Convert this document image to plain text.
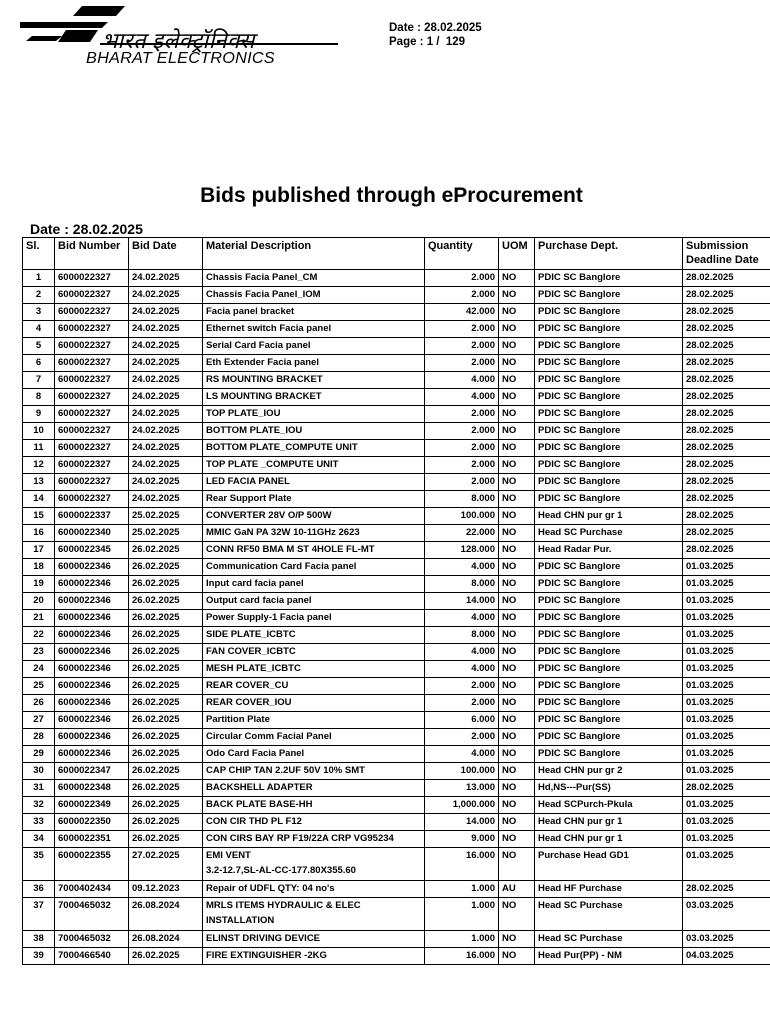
भारत इलेक्ट्रॉनिक्स
BHARAT ELECTRONICS
Date : 28.02.2025
Page : 1 /  129
Bids published through eProcurement
Date : 28.02.2025
Sl.	Bid Number	Bid Date	Material Description	Quantity	UOM	Purchase Dept.	Submission Deadline Date
1	6000022327	24.02.2025	Chassis Facia Panel_CM	2.000	NO	PDIC SC Banglore	28.02.2025
2	6000022327	24.02.2025	Chassis Facia Panel_IOM	2.000	NO	PDIC SC Banglore	28.02.2025
3	6000022327	24.02.2025	Facia panel bracket	42.000	NO	PDIC SC Banglore	28.02.2025
4	6000022327	24.02.2025	Ethernet switch Facia panel	2.000	NO	PDIC SC Banglore	28.02.2025
5	6000022327	24.02.2025	Serial Card Facia panel	2.000	NO	PDIC SC Banglore	28.02.2025
6	6000022327	24.02.2025	Eth Extender Facia panel	2.000	NO	PDIC SC Banglore	28.02.2025
7	6000022327	24.02.2025	RS MOUNTING BRACKET	4.000	NO	PDIC SC Banglore	28.02.2025
8	6000022327	24.02.2025	LS MOUNTING BRACKET	4.000	NO	PDIC SC Banglore	28.02.2025
9	6000022327	24.02.2025	TOP PLATE_IOU	2.000	NO	PDIC SC Banglore	28.02.2025
10	6000022327	24.02.2025	BOTTOM PLATE_IOU	2.000	NO	PDIC SC Banglore	28.02.2025
11	6000022327	24.02.2025	BOTTOM PLATE_COMPUTE UNIT	2.000	NO	PDIC SC Banglore	28.02.2025
12	6000022327	24.02.2025	TOP PLATE _COMPUTE UNIT	2.000	NO	PDIC SC Banglore	28.02.2025
13	6000022327	24.02.2025	LED FACIA PANEL	2.000	NO	PDIC SC Banglore	28.02.2025
14	6000022327	24.02.2025	Rear Support Plate	8.000	NO	PDIC SC Banglore	28.02.2025
15	6000022337	25.02.2025	CONVERTER 28V O/P 500W	100.000	NO	Head CHN pur gr 1	28.02.2025
16	6000022340	25.02.2025	MMIC GaN PA 32W 10-11GHz 2623	22.000	NO	Head SC Purchase	28.02.2025
17	6000022345	26.02.2025	CONN RF50 BMA M ST 4HOLE FL-MT	128.000	NO	Head Radar Pur.	28.02.2025
18	6000022346	26.02.2025	Communication Card Facia panel	4.000	NO	PDIC SC Banglore	01.03.2025
19	6000022346	26.02.2025	Input card facia panel	8.000	NO	PDIC SC Banglore	01.03.2025
20	6000022346	26.02.2025	Output card facia panel	14.000	NO	PDIC SC Banglore	01.03.2025
21	6000022346	26.02.2025	Power Supply-1 Facia panel	4.000	NO	PDIC SC Banglore	01.03.2025
22	6000022346	26.02.2025	SIDE PLATE_ICBTC	8.000	NO	PDIC SC Banglore	01.03.2025
23	6000022346	26.02.2025	FAN COVER_ICBTC	4.000	NO	PDIC SC Banglore	01.03.2025
24	6000022346	26.02.2025	MESH PLATE_ICBTC	4.000	NO	PDIC SC Banglore	01.03.2025
25	6000022346	26.02.2025	REAR COVER_CU	2.000	NO	PDIC SC Banglore	01.03.2025
26	6000022346	26.02.2025	REAR COVER_IOU	2.000	NO	PDIC SC Banglore	01.03.2025
27	6000022346	26.02.2025	Partition Plate	6.000	NO	PDIC SC Banglore	01.03.2025
28	6000022346	26.02.2025	Circular Comm Facial Panel	2.000	NO	PDIC SC Banglore	01.03.2025
29	6000022346	26.02.2025	Odo Card Facia Panel	4.000	NO	PDIC SC Banglore	01.03.2025
30	6000022347	26.02.2025	CAP CHIP TAN 2.2UF 50V 10% SMT	100.000	NO	Head CHN pur gr 2	01.03.2025
31	6000022348	26.02.2025	BACKSHELL ADAPTER	13.000	NO	Hd,NS---Pur(SS)	28.02.2025
32	6000022349	26.02.2025	BACK PLATE BASE-HH	1,000.000	NO	Head SCPurch-Pkula	01.03.2025
33	6000022350	26.02.2025	CON CIR THD PL F12	14.000	NO	Head CHN pur gr 1	01.03.2025
34	6000022351	26.02.2025	CON CIRS BAY RP F19/22A CRP VG95234	9.000	NO	Head CHN pur gr 1	01.03.2025
35	6000022355	27.02.2025	EMI VENT
3.2-12.7,SL-AL-CC-177.80X355.60	16.000	NO	Purchase Head GD1	01.03.2025
36	7000402434	09.12.2023	Repair of UDFL QTY: 04 no's	1.000	AU	Head HF Purchase	28.02.2025
37	7000465032	26.08.2024	MRLS ITEMS HYDRAULIC & ELEC
INSTALLATION	1.000	NO	Head SC Purchase	03.03.2025
38	7000465032	26.08.2024	ELINST DRIVING DEVICE	1.000	NO	Head SC Purchase	03.03.2025
39	7000466540	26.02.2025	FIRE EXTINGUISHER -2KG	16.000	NO	Head Pur(PP) - NM	04.03.2025
